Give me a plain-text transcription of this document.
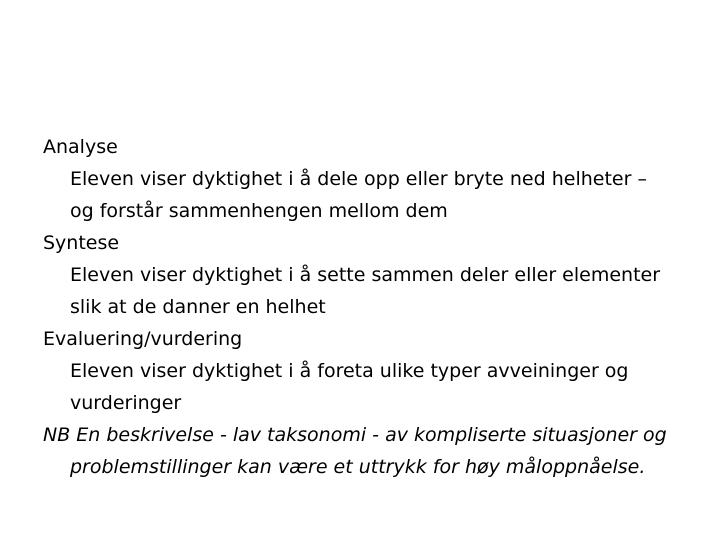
Analyse
Eleven viser dyktighet i å dele opp eller bryte ned helheter –
og forstår sammenhengen mellom dem
Syntese
Eleven viser dyktighet i å sette sammen deler eller elementer
slik at de danner en helhet
Evaluering/vurdering
Eleven viser dyktighet i å foreta ulike typer avveininger og
vurderinger
NB En beskrivelse - lav taksonomi - av kompliserte situasjoner og
problemstillinger kan være et uttrykk for høy måloppnåelse.
